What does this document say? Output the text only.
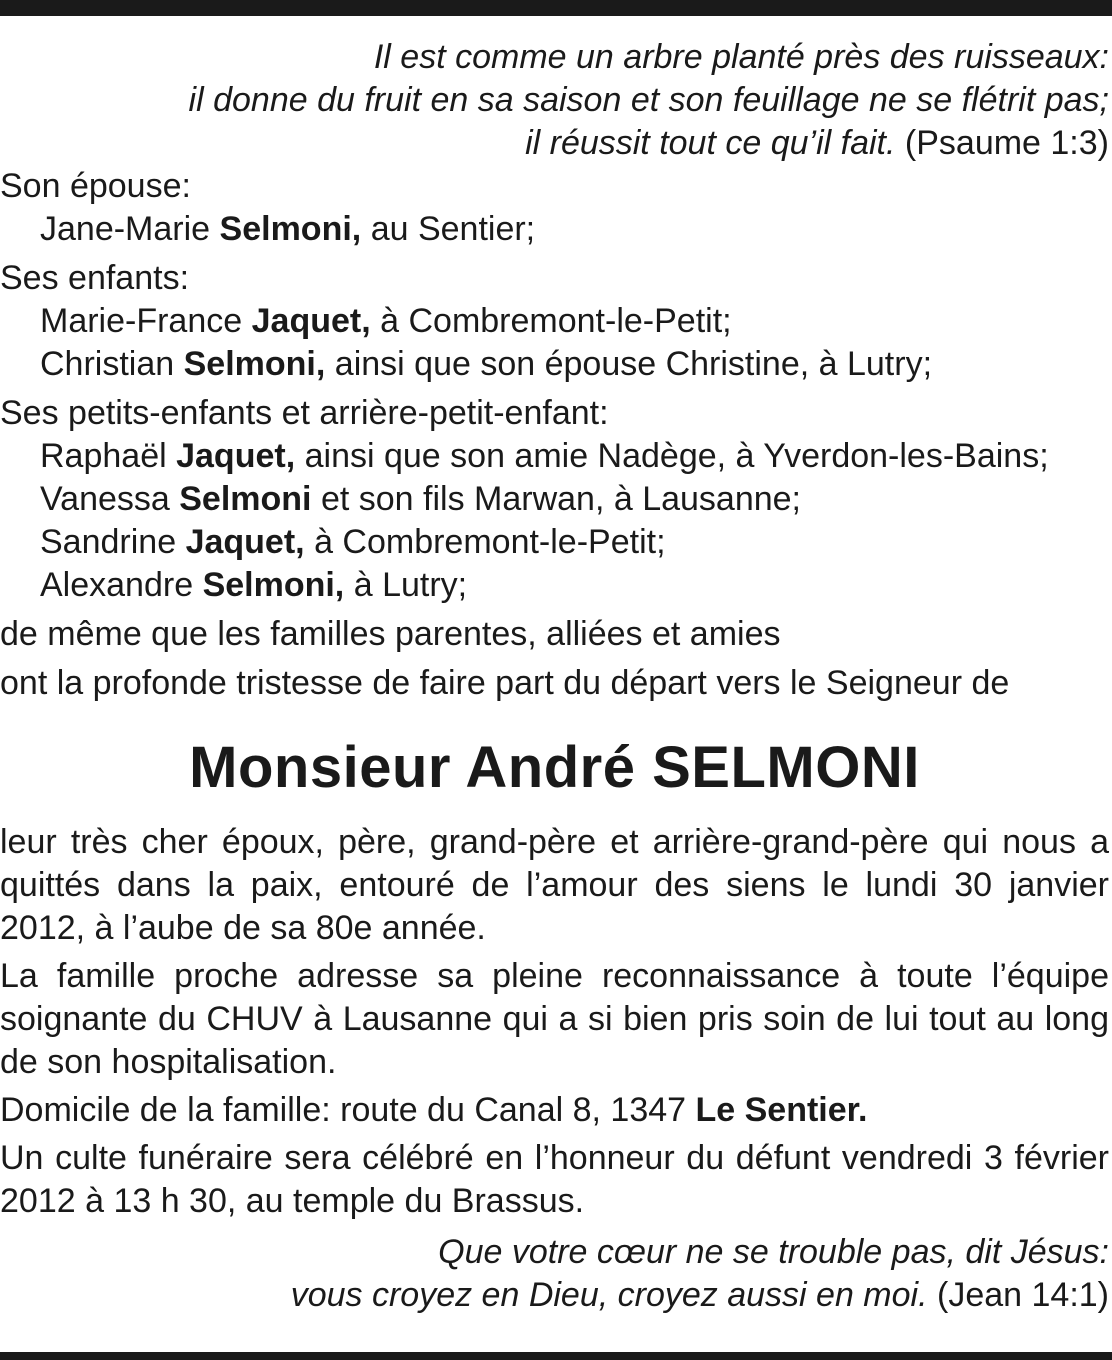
Il est comme un arbre planté près des ruisseaux:
il donne du fruit en sa saison et son feuillage ne se flétrit pas;
il réussit tout ce qu’il fait. (Psaume 1:3)
Son épouse:
Jane-Marie Selmoni, au Sentier;
Ses enfants:
Marie-France Jaquet, à Combremont-le-Petit;
Christian Selmoni, ainsi que son épouse Christine, à Lutry;
Ses petits-enfants et arrière-petit-enfant:
Raphaël Jaquet, ainsi que son amie Nadège, à Yverdon-les-Bains;
Vanessa Selmoni et son fils Marwan, à Lausanne;
Sandrine Jaquet, à Combremont-le-Petit;
Alexandre Selmoni, à Lutry;
de même que les familles parentes, alliées et amies
ont la profonde tristesse de faire part du départ vers le Seigneur de
Monsieur André SELMONI
leur très cher époux, père, grand-père et arrière-grand-père qui nous a quittés dans la paix, entouré de l’amour des siens le lundi 30 janvier 2012, à l’aube de sa 80e année.
La famille proche adresse sa pleine reconnaissance à toute l’équipe soignante du CHUV à Lausanne qui a si bien pris soin de lui tout au long de son hospitalisation.
Domicile de la famille: route du Canal 8, 1347 Le Sentier.
Un culte funéraire sera célébré en l’honneur du défunt vendredi 3 février 2012 à 13 h 30, au temple du Brassus.
Que votre cœur ne se trouble pas, dit Jésus:
vous croyez en Dieu, croyez aussi en moi. (Jean 14:1)
